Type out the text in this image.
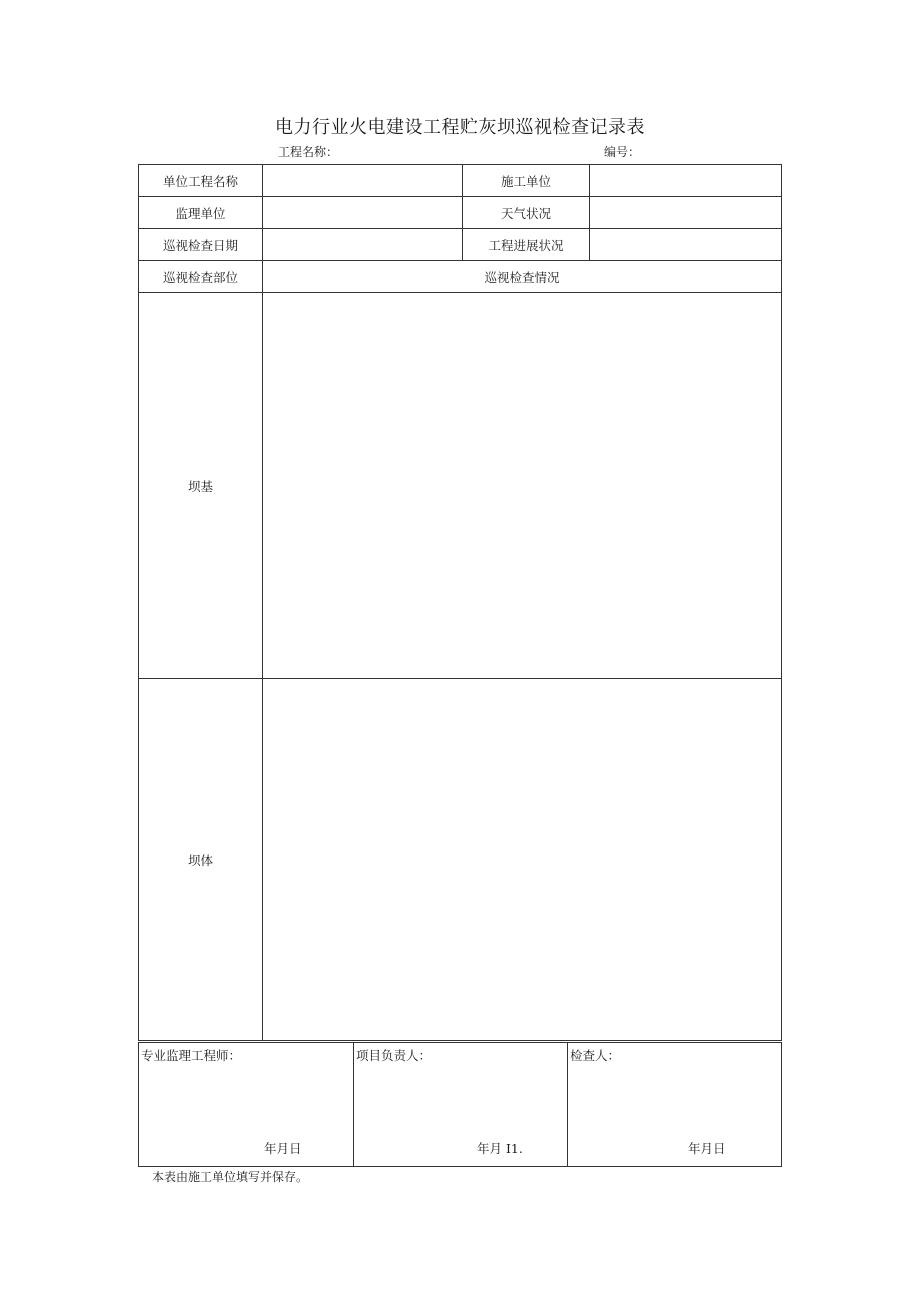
电力行业火电建设工程贮灰坝巡视检查记录表
工程名称：	编号：
单位工程名称		施工单位	
监理单位		天气状况	
巡视检查日期		工程进展状况	
巡视检查部位	巡视检查情况		
坝基			
坝体			
专业监理工程师：
年月日

项目负责人：
年月 I1.

检查人：
年月日
本表由施工单位填写并保存。
